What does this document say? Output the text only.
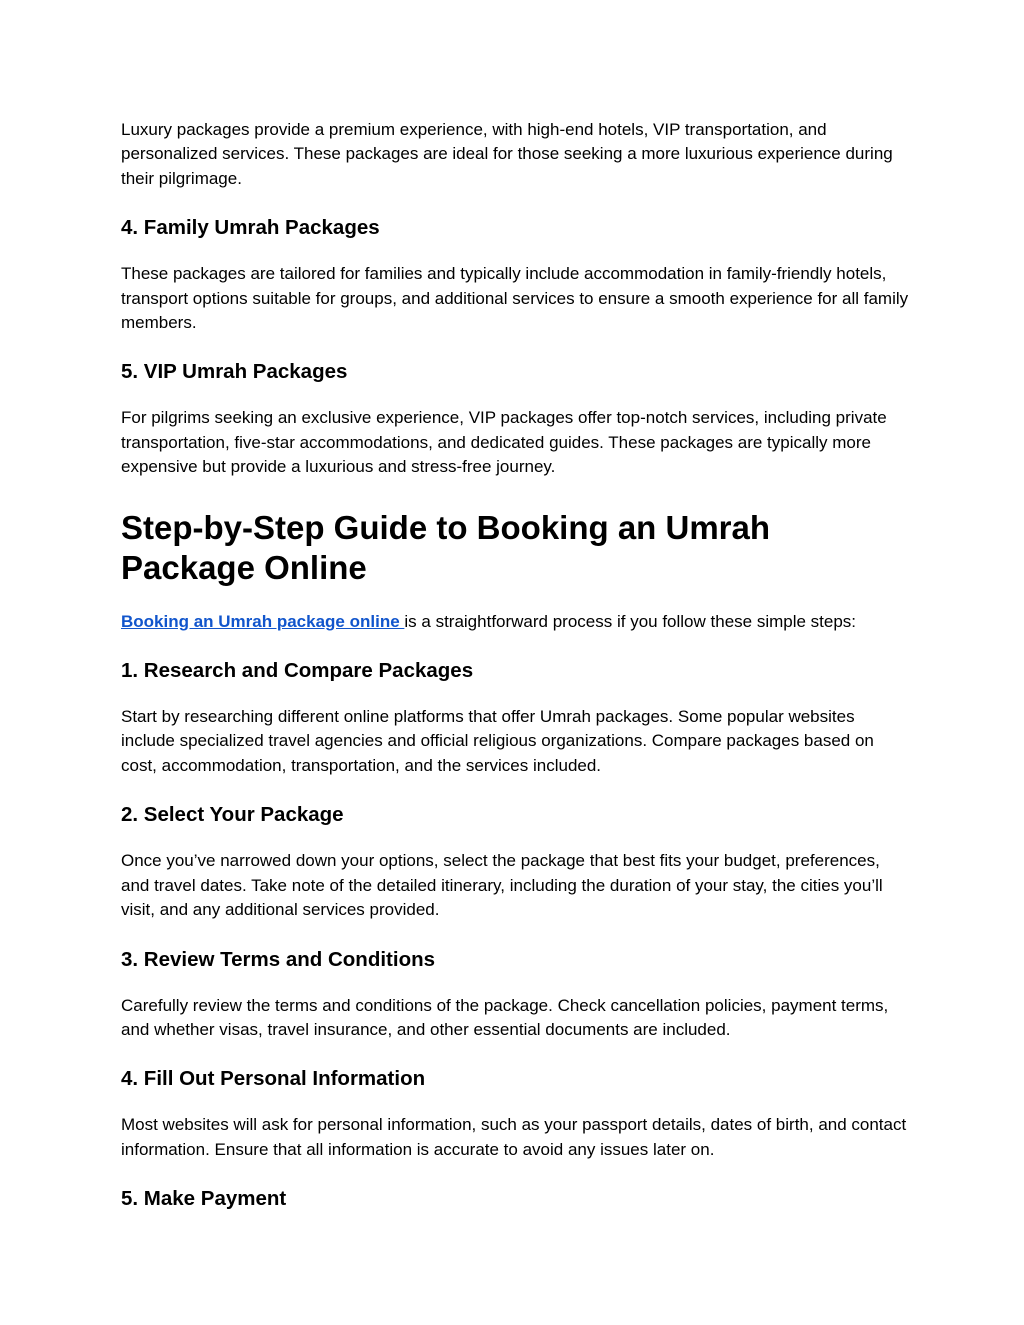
Luxury packages provide a premium experience, with high-end hotels, VIP transportation, and personalized services. These packages are ideal for those seeking a more luxurious experience during their pilgrimage.

4. Family Umrah Packages

These packages are tailored for families and typically include accommodation in family-friendly hotels, transport options suitable for groups, and additional services to ensure a smooth experience for all family members.

5. VIP Umrah Packages

For pilgrims seeking an exclusive experience, VIP packages offer top-notch services, including private transportation, five-star accommodations, and dedicated guides. These packages are typically more expensive but provide a luxurious and stress-free journey.

Step-by-Step Guide to Booking an Umrah Package Online

Booking an Umrah package online is a straightforward process if you follow these simple steps:

1. Research and Compare Packages

Start by researching different online platforms that offer Umrah packages. Some popular websites include specialized travel agencies and official religious organizations. Compare packages based on cost, accommodation, transportation, and the services included.

2. Select Your Package

Once you’ve narrowed down your options, select the package that best fits your budget, preferences, and travel dates. Take note of the detailed itinerary, including the duration of your stay, the cities you’ll visit, and any additional services provided.

3. Review Terms and Conditions

Carefully review the terms and conditions of the package. Check cancellation policies, payment terms, and whether visas, travel insurance, and other essential documents are included.

4. Fill Out Personal Information

Most websites will ask for personal information, such as your passport details, dates of birth, and contact information. Ensure that all information is accurate to avoid any issues later on.

5. Make Payment
